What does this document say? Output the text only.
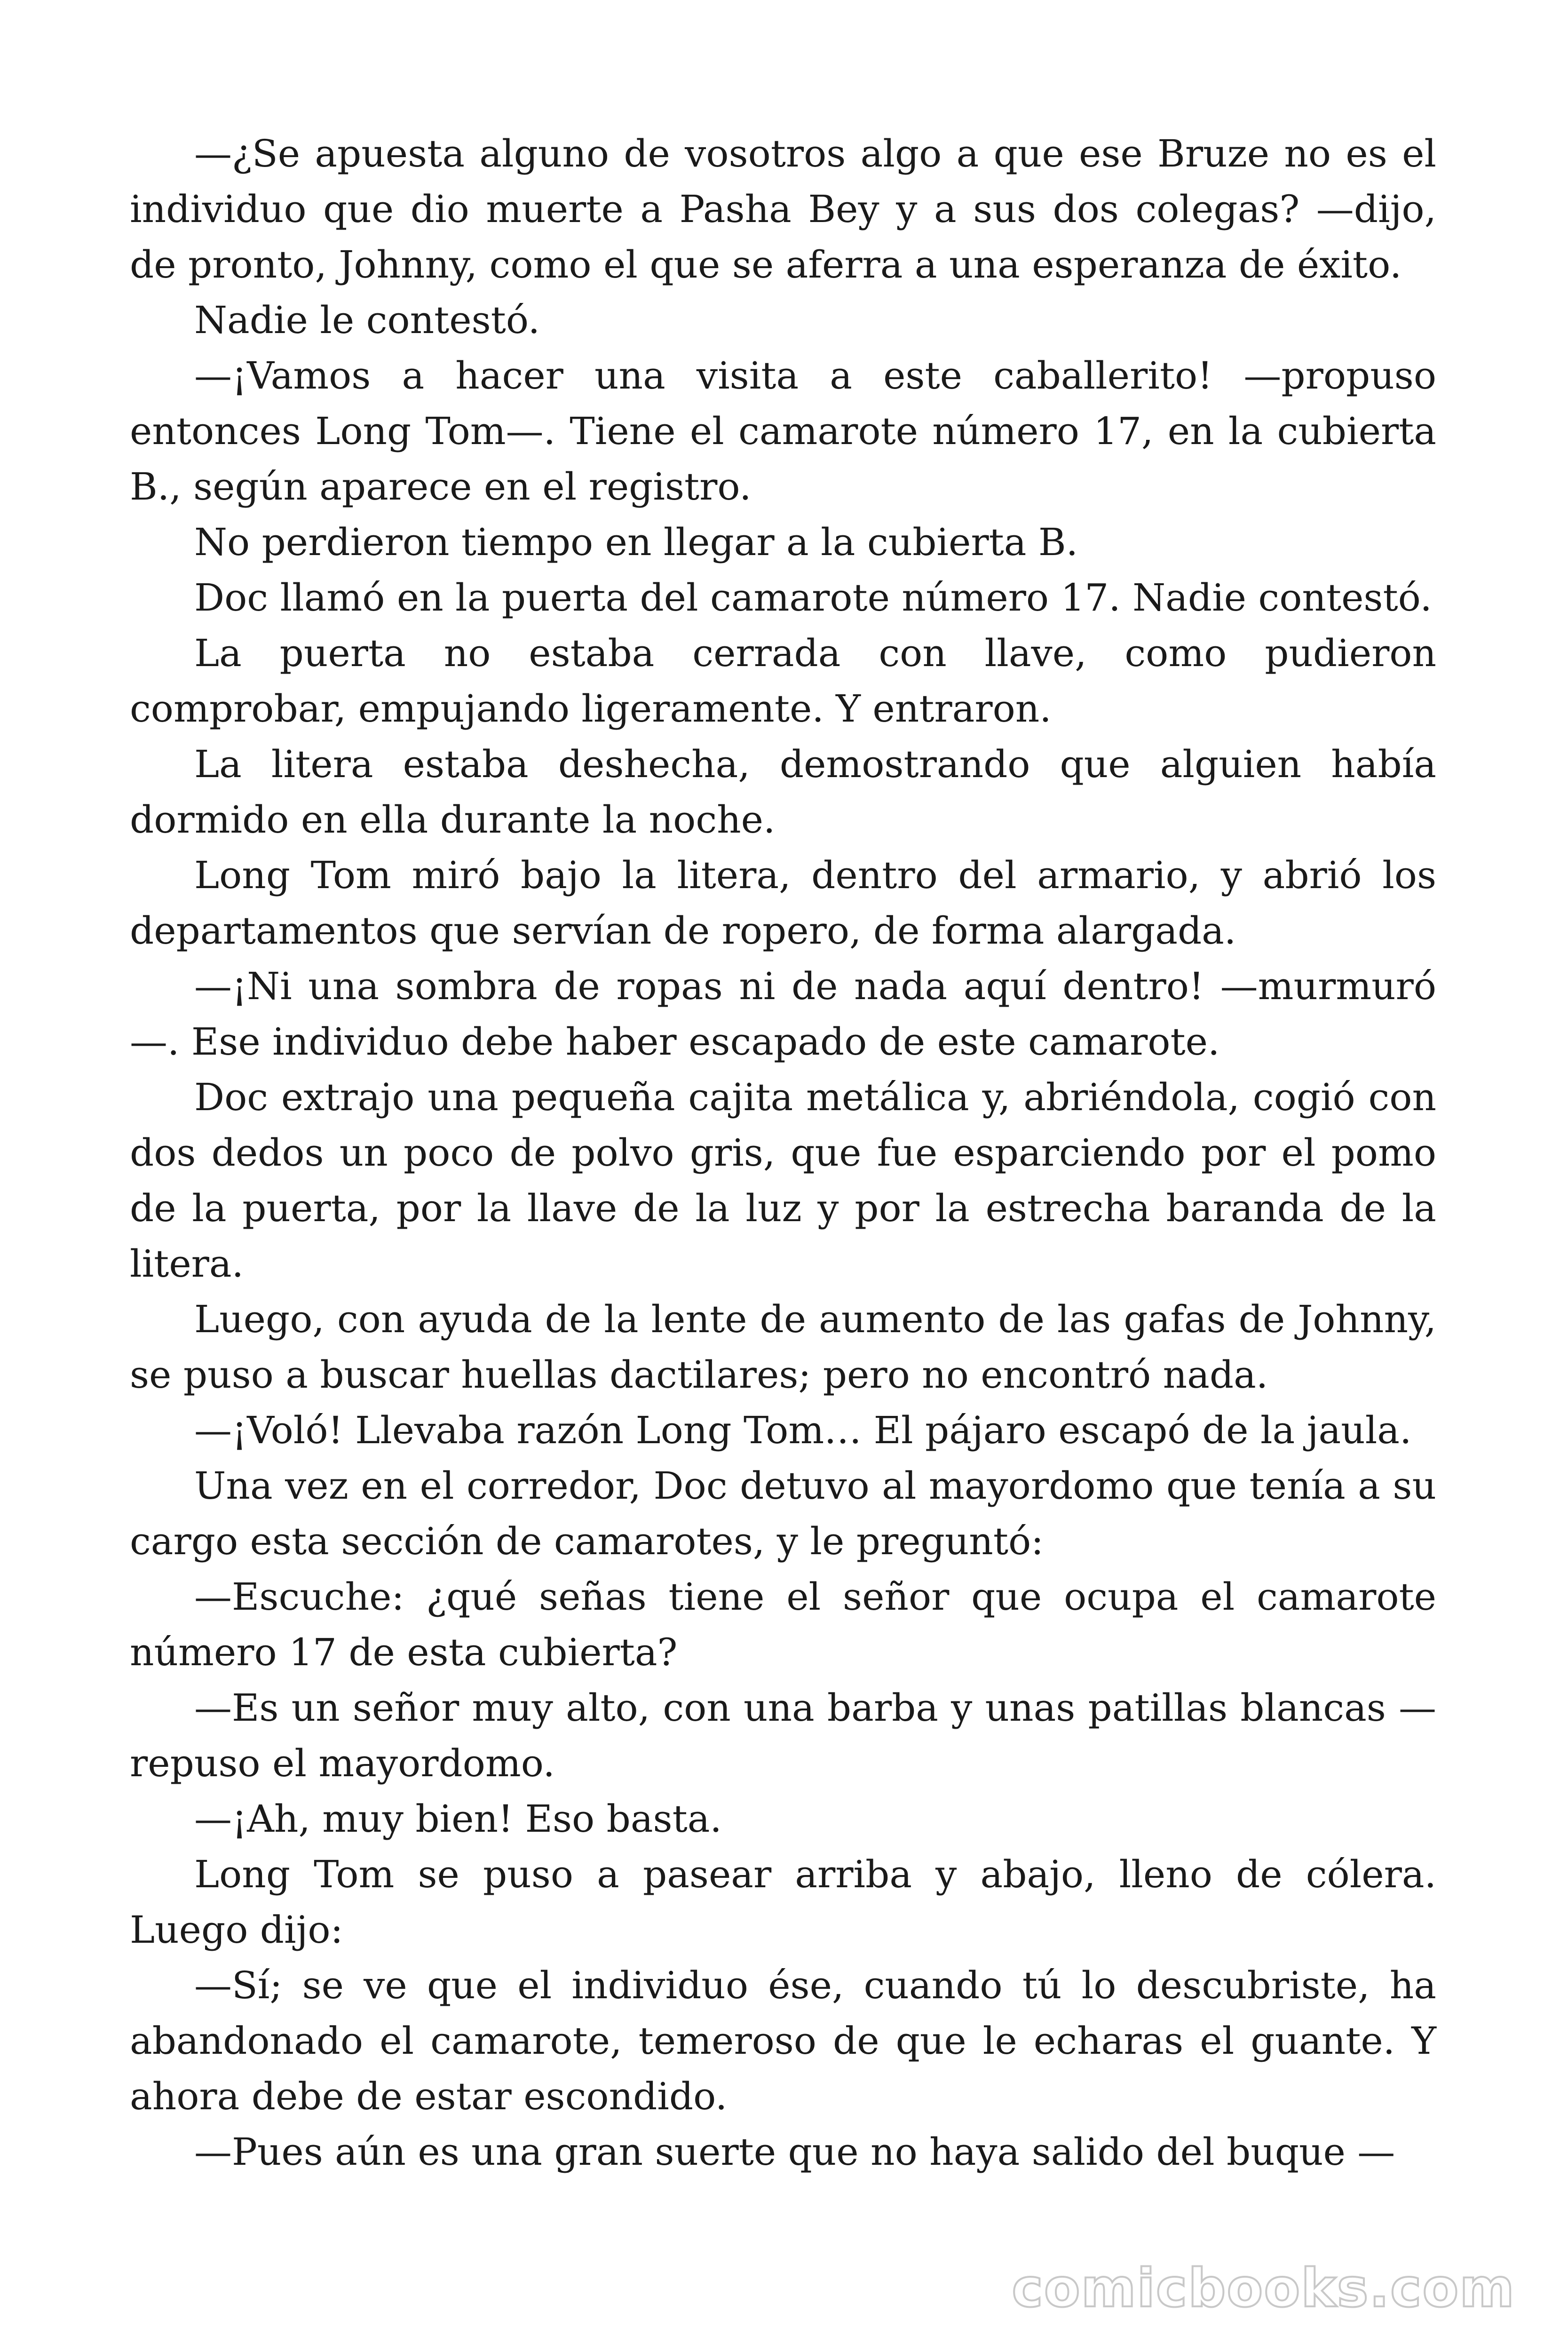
—¿Se apuesta alguno de vosotros algo a que ese Bruze no es el individuo que dio muerte a Pasha Bey y a sus dos colegas? —dijo, de pronto, Johnny, como el que se aferra a una esperanza de éxito.

Nadie le contestó.

—¡Vamos a hacer una visita a este caballerito! —propuso entonces Long Tom—. Tiene el camarote número 17, en la cubierta B., según aparece en el registro.

No perdieron tiempo en llegar a la cubierta B.

Doc llamó en la puerta del camarote número 17. Nadie contestó.

La puerta no estaba cerrada con llave, como pudieron comprobar, empujando ligeramente. Y entraron.

La litera estaba deshecha, demostrando que alguien había dormido en ella durante la noche.

Long Tom miró bajo la litera, dentro del armario, y abrió los departamentos que servían de ropero, de forma alargada.

—¡Ni una sombra de ropas ni de nada aquí dentro! —murmuró —. Ese individuo debe haber escapado de este camarote.

Doc extrajo una pequeña cajita metálica y, abriéndola, cogió con dos dedos un poco de polvo gris, que fue esparciendo por el pomo de la puerta, por la llave de la luz y por la estrecha baranda de la litera.

Luego, con ayuda de la lente de aumento de las gafas de Johnny, se puso a buscar huellas dactilares; pero no encontró nada.

—¡Voló! Llevaba razón Long Tom… El pájaro escapó de la jaula.

Una vez en el corredor, Doc detuvo al mayordomo que tenía a su cargo esta sección de camarotes, y le preguntó:

—Escuche: ¿qué señas tiene el señor que ocupa el camarote número 17 de esta cubierta?

—Es un señor muy alto, con una barba y unas patillas blancas — repuso el mayordomo.

—¡Ah, muy bien! Eso basta.

Long Tom se puso a pasear arriba y abajo, lleno de cólera. Luego dijo:

—Sí; se ve que el individuo ése, cuando tú lo descubriste, ha abandonado el camarote, temeroso de que le echaras el guante. Y ahora debe de estar escondido.

—Pues aún es una gran suerte que no haya salido del buque —

comicbooks.com
